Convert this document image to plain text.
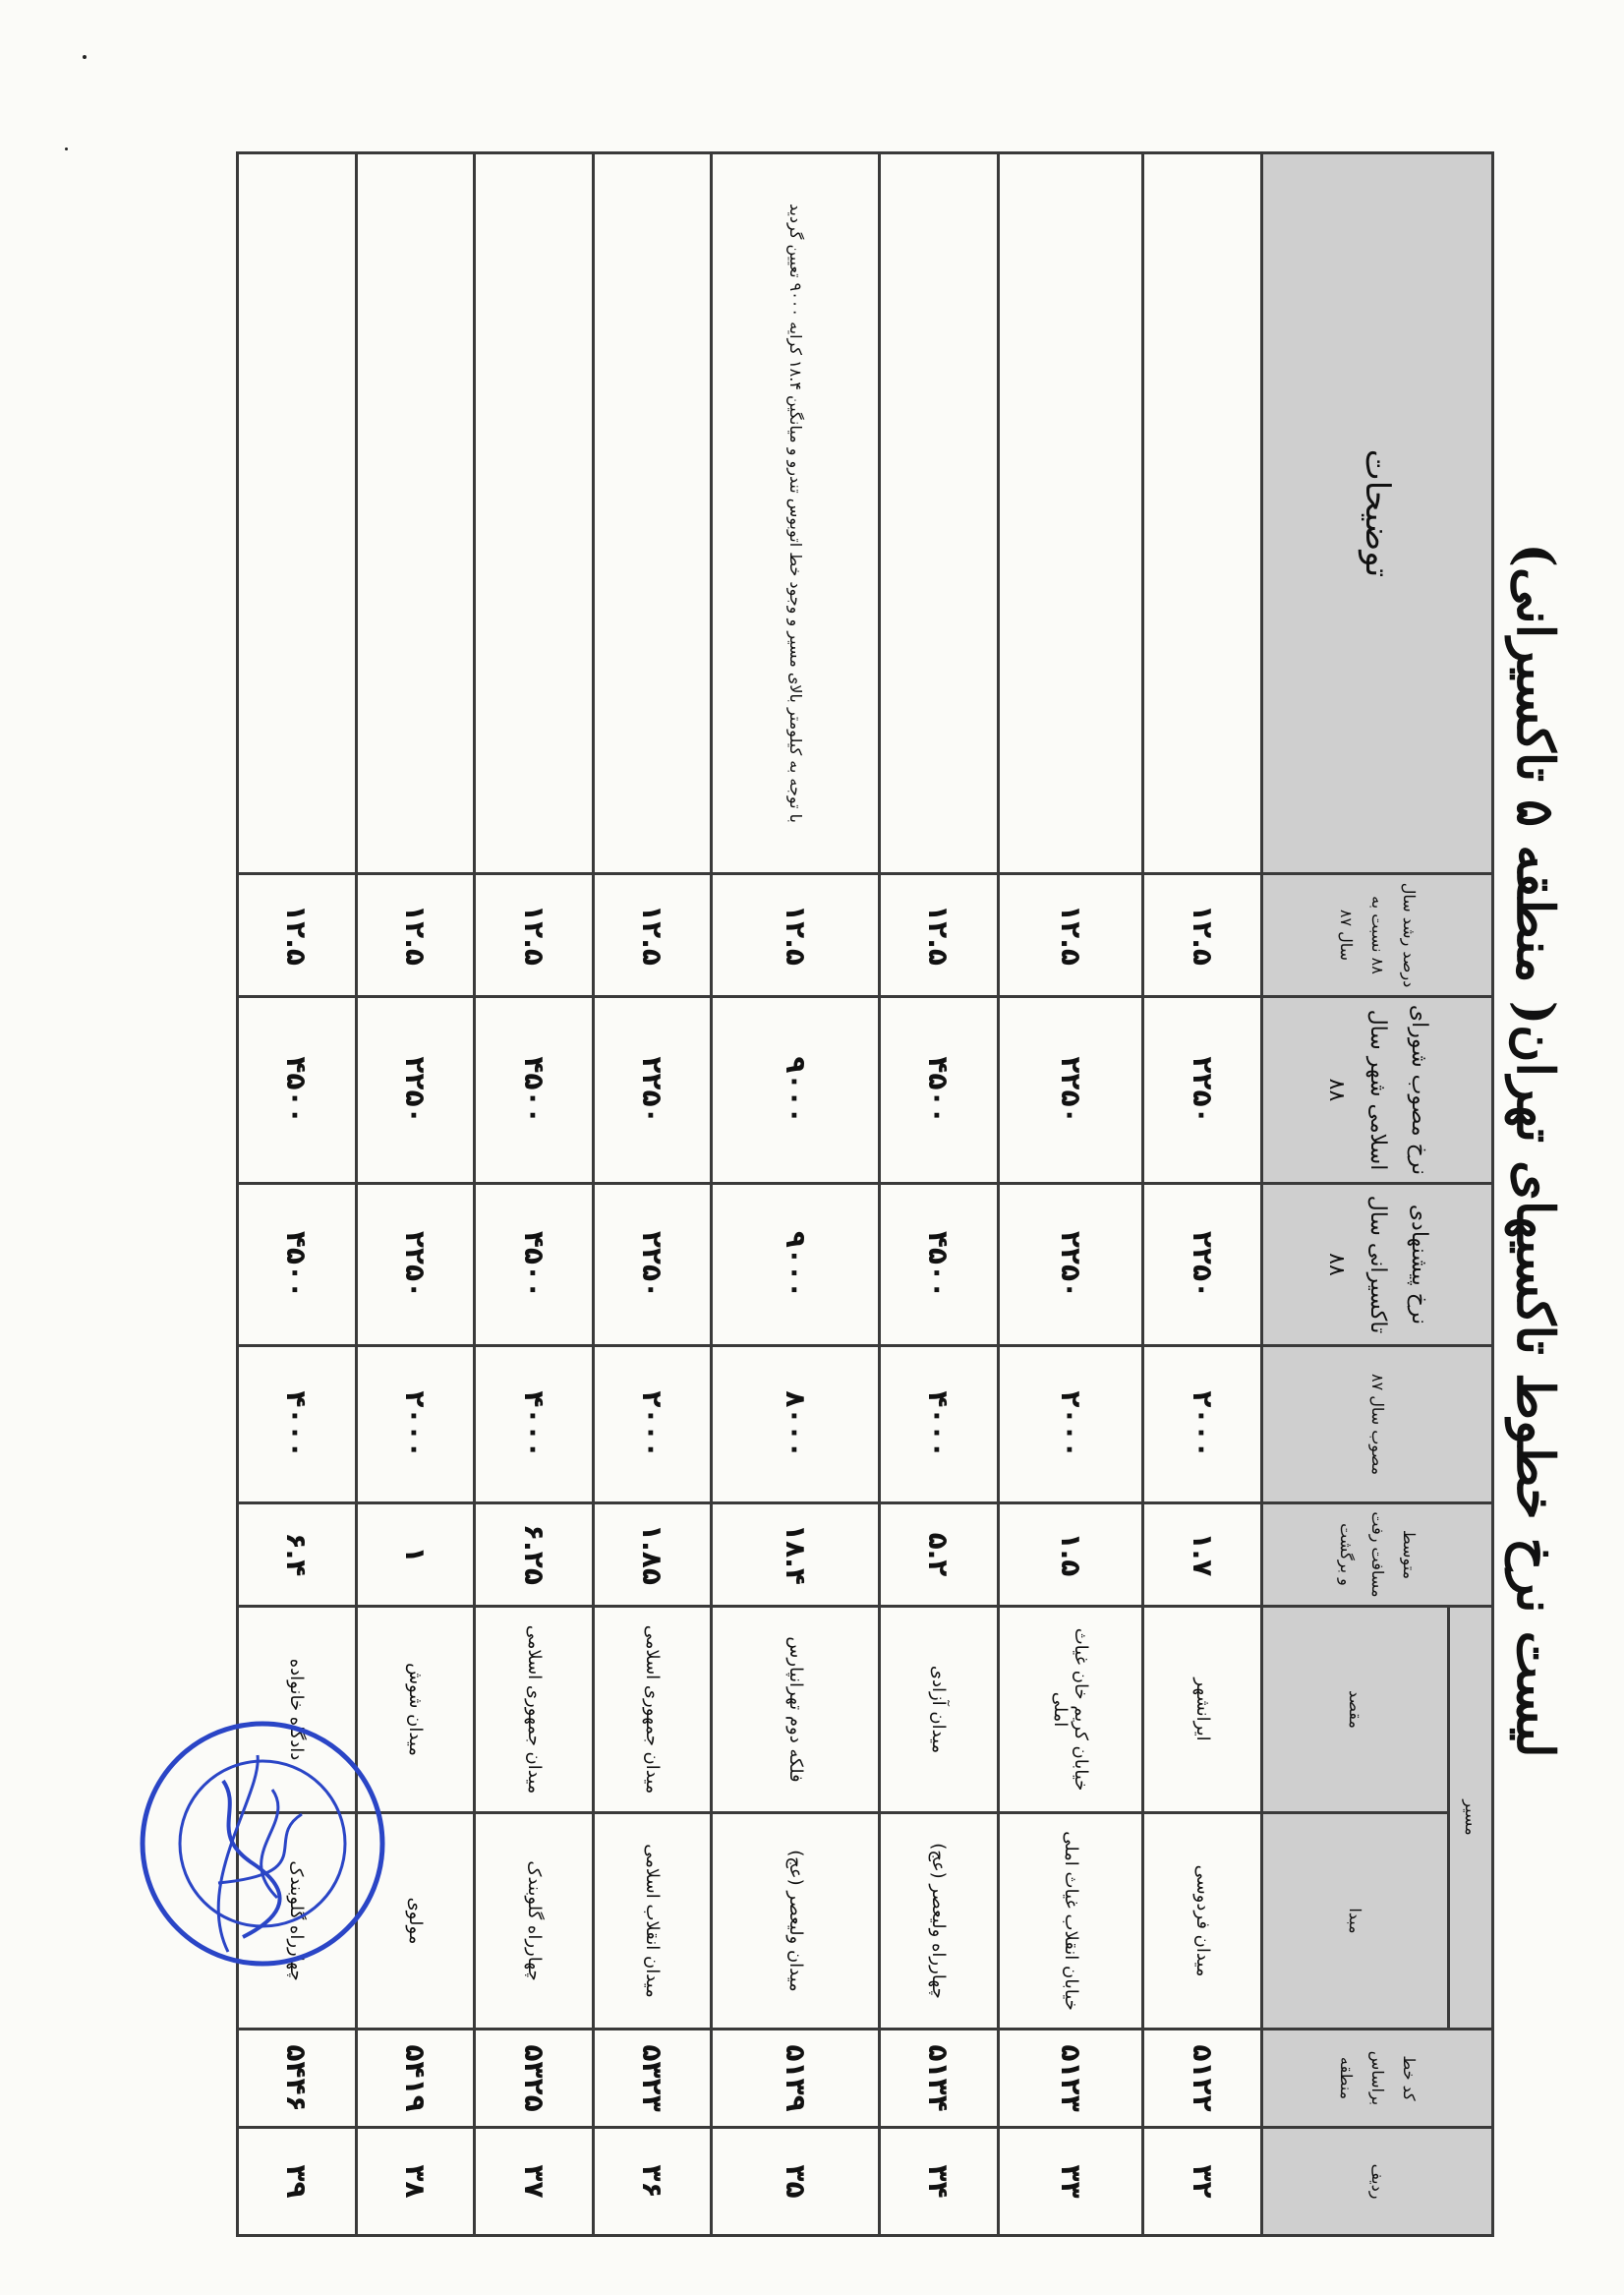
لیست نرخ خطوط تاکسیهای تهران( منطقه ۵ تاکسیرانی)
ردیف	کد خط براساس منطقه	مسیر		متوسط مسافت رفت و برگشت	مصوب سال ۸۷	نرخ پیشنهادی تاکسیرانی سال ۸۸	نرخ مصوب شورای اسلامی شهر سال ۸۸	درصد رشد سال ۸۸ نسبت به سال ۸۷	توضیحات
		مبدا	مقصد						
۳۲	۵۱۲۲	میدان فردوسی	ایرانشهر	۱.۷	۲۰۰۰	۲۲۵۰	۲۲۵۰	۱۲.۵	
۳۳	۵۱۲۳	خیابان انقلاب غیاث املی	خیابان کریم خان غیاث املی	۱.۵	۲۰۰۰	۲۲۵۰	۲۲۵۰	۱۲.۵	
۳۴	۵۱۳۴	چهارراه ولیعصر (عج)	میدان آزادی	۵.۲	۴۰۰۰	۴۵۰۰	۴۵۰۰	۱۲.۵	
۳۵	۵۱۳۹	میدان ولیعصر (عج)	فلکه دوم تهرانپارس	۱۸.۴	۸۰۰۰	۹۰۰۰	۹۰۰۰	۱۲.۵	با توجه به کیلومتر بالای مسیر و وجود خط اتوبوس تندرو و میانگین ۱۸.۴ کرایه ۹۰۰۰ تعیین گردید
۳۶	۵۳۲۳	میدان انقلاب اسلامی	میدان جمهوری اسلامی	۱.۸۵	۲۰۰۰	۲۲۵۰	۲۲۵۰	۱۲.۵	
۳۷	۵۳۲۵	چهارراه گلوبندک	میدان جمهوری اسلامی	۶.۲۵	۴۰۰۰	۴۵۰۰	۴۵۰۰	۱۲.۵	
۳۸	۵۴۱۹	مولوی	میدان شوش	۱	۲۰۰۰	۲۲۵۰	۲۲۵۰	۱۲.۵	
۳۹	۵۴۴۶	چهارراه گلوبندک	دادگاه خانواده	۶.۴	۴۰۰۰	۴۵۰۰	۴۵۰۰	۱۲.۵	
